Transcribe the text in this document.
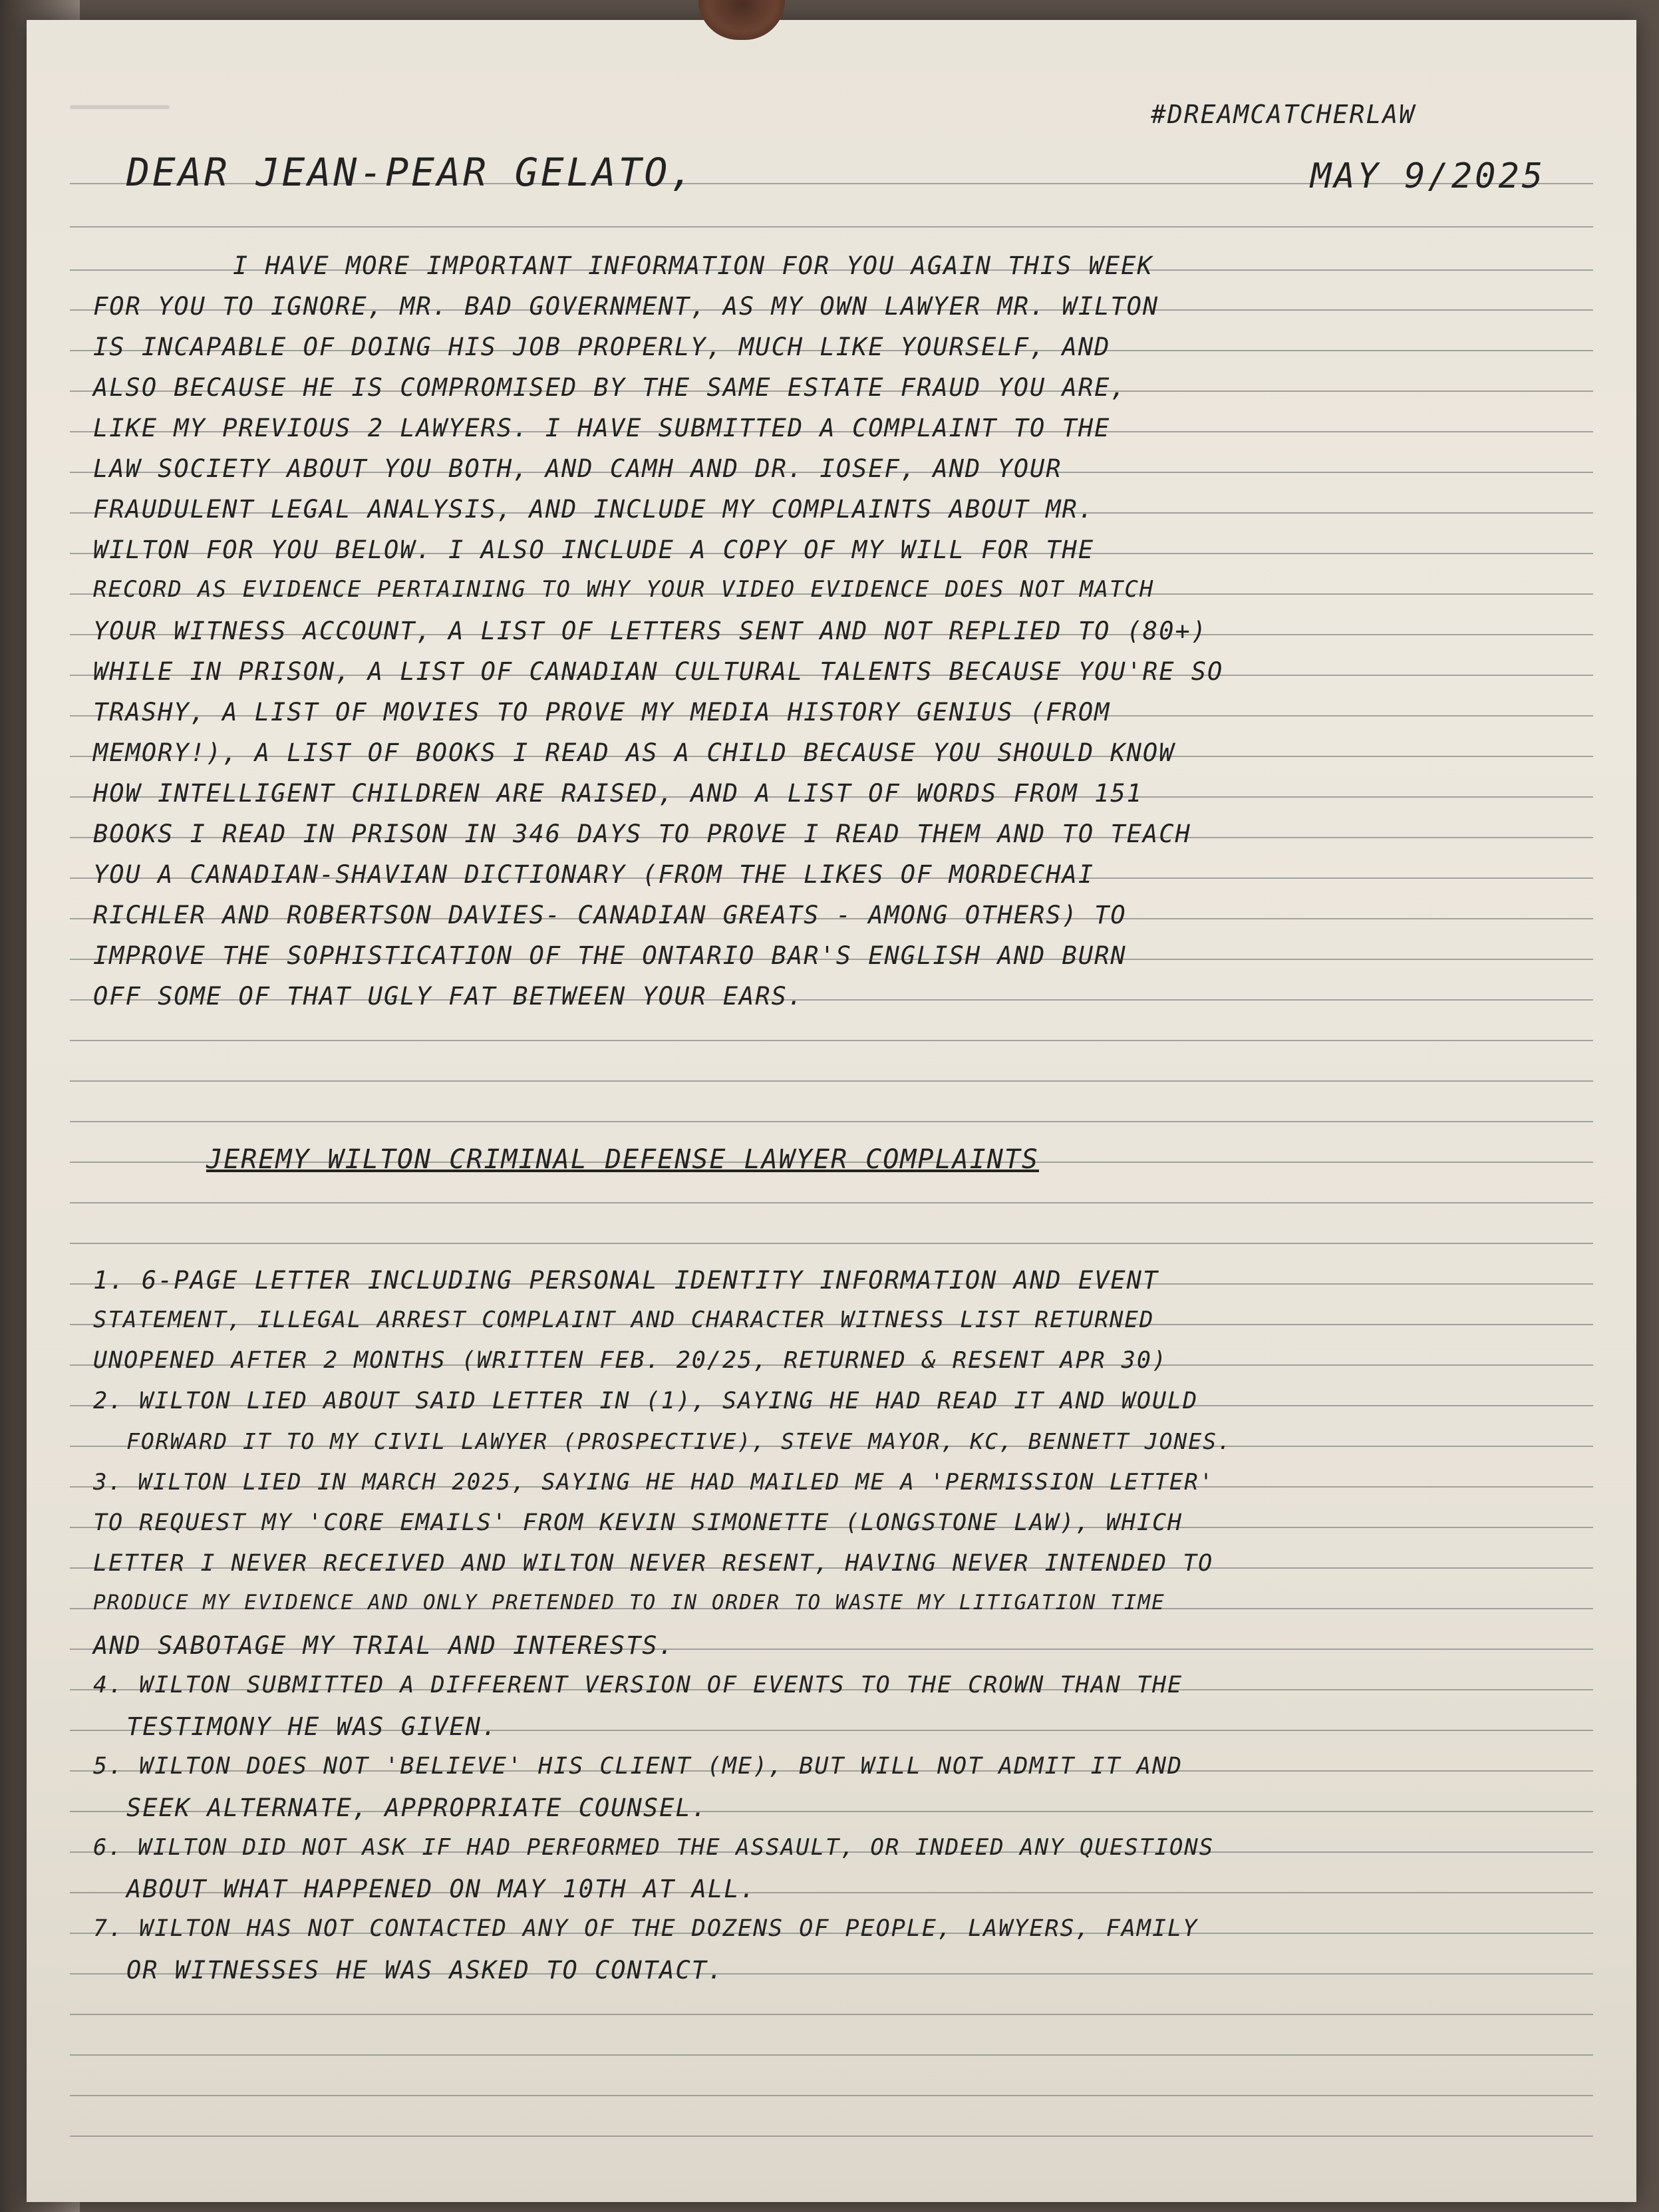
#DREAMCATCHERLAW
DEAR JEAN-PEAR GELATO,	MAY 9/2025
I HAVE MORE IMPORTANT INFORMATION FOR YOU AGAIN THIS WEEK
FOR YOU TO IGNORE, MR. BAD GOVERNMENT, AS MY OWN LAWYER MR. WILTON
IS INCAPABLE OF DOING HIS JOB PROPERLY, MUCH LIKE YOURSELF, AND
ALSO BECAUSE HE IS COMPROMISED BY THE SAME ESTATE FRAUD YOU ARE,
LIKE MY PREVIOUS 2 LAWYERS. I HAVE SUBMITTED A COMPLAINT TO THE
LAW SOCIETY ABOUT YOU BOTH, AND CAMH AND DR. IOSEF, AND YOUR
FRAUDULENT LEGAL ANALYSIS, AND INCLUDE MY COMPLAINTS ABOUT MR.
WILTON FOR YOU BELOW. I ALSO INCLUDE A COPY OF MY WILL FOR THE
RECORD AS EVIDENCE PERTAINING TO WHY YOUR VIDEO EVIDENCE DOES NOT MATCH
YOUR WITNESS ACCOUNT, A LIST OF LETTERS SENT AND NOT REPLIED TO (80+)
WHILE IN PRISON, A LIST OF CANADIAN CULTURAL TALENTS BECAUSE YOU'RE SO
TRASHY, A LIST OF MOVIES TO PROVE MY MEDIA HISTORY GENIUS (FROM
MEMORY!), A LIST OF BOOKS I READ AS A CHILD BECAUSE YOU SHOULD KNOW
HOW INTELLIGENT CHILDREN ARE RAISED, AND A LIST OF WORDS FROM 151
BOOKS I READ IN PRISON IN 346 DAYS TO PROVE I READ THEM AND TO TEACH
YOU A CANADIAN-SHAVIAN DICTIONARY (FROM THE LIKES OF MORDECHAI
RICHLER AND ROBERTSON DAVIES- CANADIAN GREATS - AMONG OTHERS) TO
IMPROVE THE SOPHISTICATION OF THE ONTARIO BAR'S ENGLISH AND BURN
OFF SOME OF THAT UGLY FAT BETWEEN YOUR EARS.
JEREMY WILTON CRIMINAL DEFENSE LAWYER COMPLAINTS
1. 6-PAGE LETTER INCLUDING PERSONAL IDENTITY INFORMATION AND EVENT
STATEMENT, ILLEGAL ARREST COMPLAINT AND CHARACTER WITNESS LIST RETURNED
UNOPENED AFTER 2 MONTHS (WRITTEN FEB. 20/25, RETURNED & RESENT APR 30)
2. WILTON LIED ABOUT SAID LETTER IN (1), SAYING HE HAD READ IT AND WOULD
FORWARD IT TO MY CIVIL LAWYER (PROSPECTIVE), STEVE MAYOR, KC, BENNETT JONES.
3. WILTON LIED IN MARCH 2025, SAYING HE HAD MAILED ME A 'PERMISSION LETTER'
TO REQUEST MY 'CORE EMAILS' FROM KEVIN SIMONETTE (LONGSTONE LAW), WHICH
LETTER I NEVER RECEIVED AND WILTON NEVER RESENT, HAVING NEVER INTENDED TO
PRODUCE MY EVIDENCE AND ONLY PRETENDED TO IN ORDER TO WASTE MY LITIGATION TIME
AND SABOTAGE MY TRIAL AND INTERESTS.
4. WILTON SUBMITTED A DIFFERENT VERSION OF EVENTS TO THE CROWN THAN THE
TESTIMONY HE WAS GIVEN.
5. WILTON DOES NOT 'BELIEVE' HIS CLIENT (ME), BUT WILL NOT ADMIT IT AND
SEEK ALTERNATE, APPROPRIATE COUNSEL.
6. WILTON DID NOT ASK IF HAD PERFORMED THE ASSAULT, OR INDEED ANY QUESTIONS
ABOUT WHAT HAPPENED ON MAY 10TH AT ALL.
7. WILTON HAS NOT CONTACTED ANY OF THE DOZENS OF PEOPLE, LAWYERS, FAMILY
OR WITNESSES HE WAS ASKED TO CONTACT.
